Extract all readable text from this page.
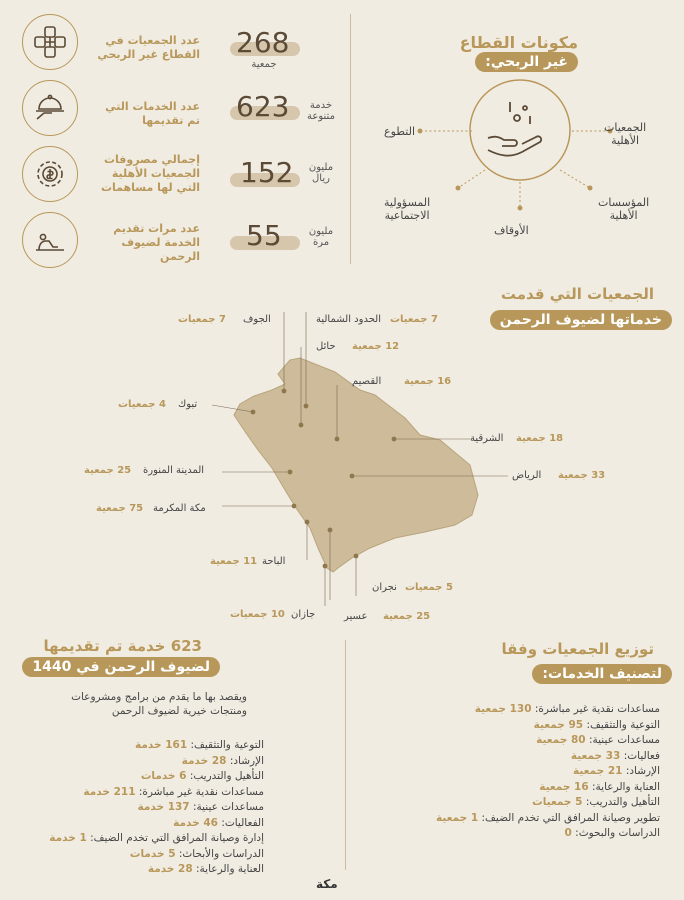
عدد الجمعيات في
القطاع غير الربحي 268
جمعية
عدد الخدمات التي
تم تقديمها 623	خدمة
متنوعة
إجمالي مصروفات
الجمعيات الأهلية
التي لها مساهمات 152	مليون
ريال
عدد مرات تقديم
الخدمة لضيوف
الرحمن
55	مليون
مرة
مكونات القطاع
غير الربحي:
التطوع	الجمعيات
الأهلية
المسؤولية
الاجتماعية
المؤسسات
الأهلية
الأوقاف
الجمعيات التي قدمت
خدماتها لضيوف الرحمن
الجوف
7 جمعيات	الحدود الشمالية 7 جمعيات
حائل 12 جمعية
القصيم 16 جمعية
تبوك
4 جمعيات
الشرقية 18 جمعية
المدينة المنورة
25 جمعية	الرياض 33 جمعية
مكة المكرمة
75 جمعية
الباحة
11 جمعية
نجران 5 جمعيات
جازان
10 جمعيات	عسير 25 جمعية
623 خدمة تم تقديمها
لضيوف الرحمن في 1440
ويقصد بها ما يقدم من برامج ومشروعات
ومنتجات خيرية لضيوف الرحمن
التوعية والتثقيف: 161 خدمة
الإرشاد: 28 خدمة
التأهيل والتدريب: 6 خدمات
مساعدات نقدية غير مباشرة: 211 خدمة
مساعدات عينية: 137 خدمة
الفعاليات: 46 خدمة
إدارة وصيانة المرافق التي تخدم الضيف: 1 خدمة
الدراسات والأبحاث: 5 خدمات
العناية والرعاية: 28 خدمة
توزيع الجمعيات وفقا
لتصنيف الخدمات:
مساعدات نقدية غير مباشرة: 130 جمعية
التوعية والتثقيف: 95 جمعية
مساعدات عينية: 80 جمعية
فعاليات: 33 جمعية
الإرشاد: 21 جمعية
العناية والرعاية: 16 جمعية
التأهيل والتدريب: 5 جمعيات
تطوير وصيانة المرافق التي تخدم الضيف: 1 جمعية
الدراسات والبحوث: 0
مكة
